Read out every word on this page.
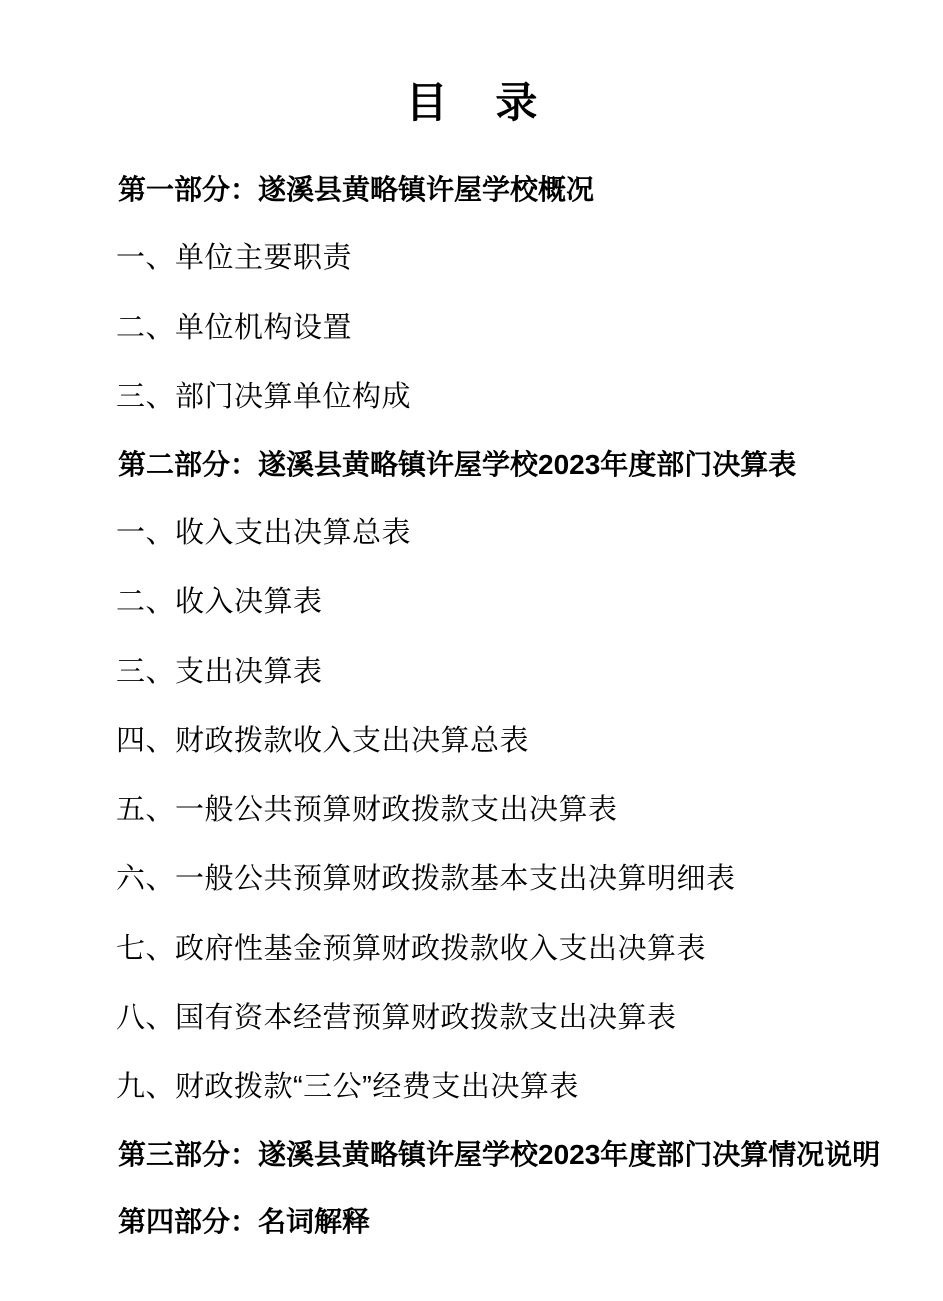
目 录
第一部分：遂溪县黄略镇许屋学校概况
一、单位主要职责
二、单位机构设置
三、部门决算单位构成
第二部分：遂溪县黄略镇许屋学校2023年度部门决算表
一、收入支出决算总表
二、收入决算表
三、支出决算表
四、财政拨款收入支出决算总表
五、一般公共预算财政拨款支出决算表
六、一般公共预算财政拨款基本支出决算明细表
七、政府性基金预算财政拨款收入支出决算表
八、国有资本经营预算财政拨款支出决算表
九、财政拨款“三公”经费支出决算表
第三部分：遂溪县黄略镇许屋学校2023年度部门决算情况说明
第四部分：名词解释
